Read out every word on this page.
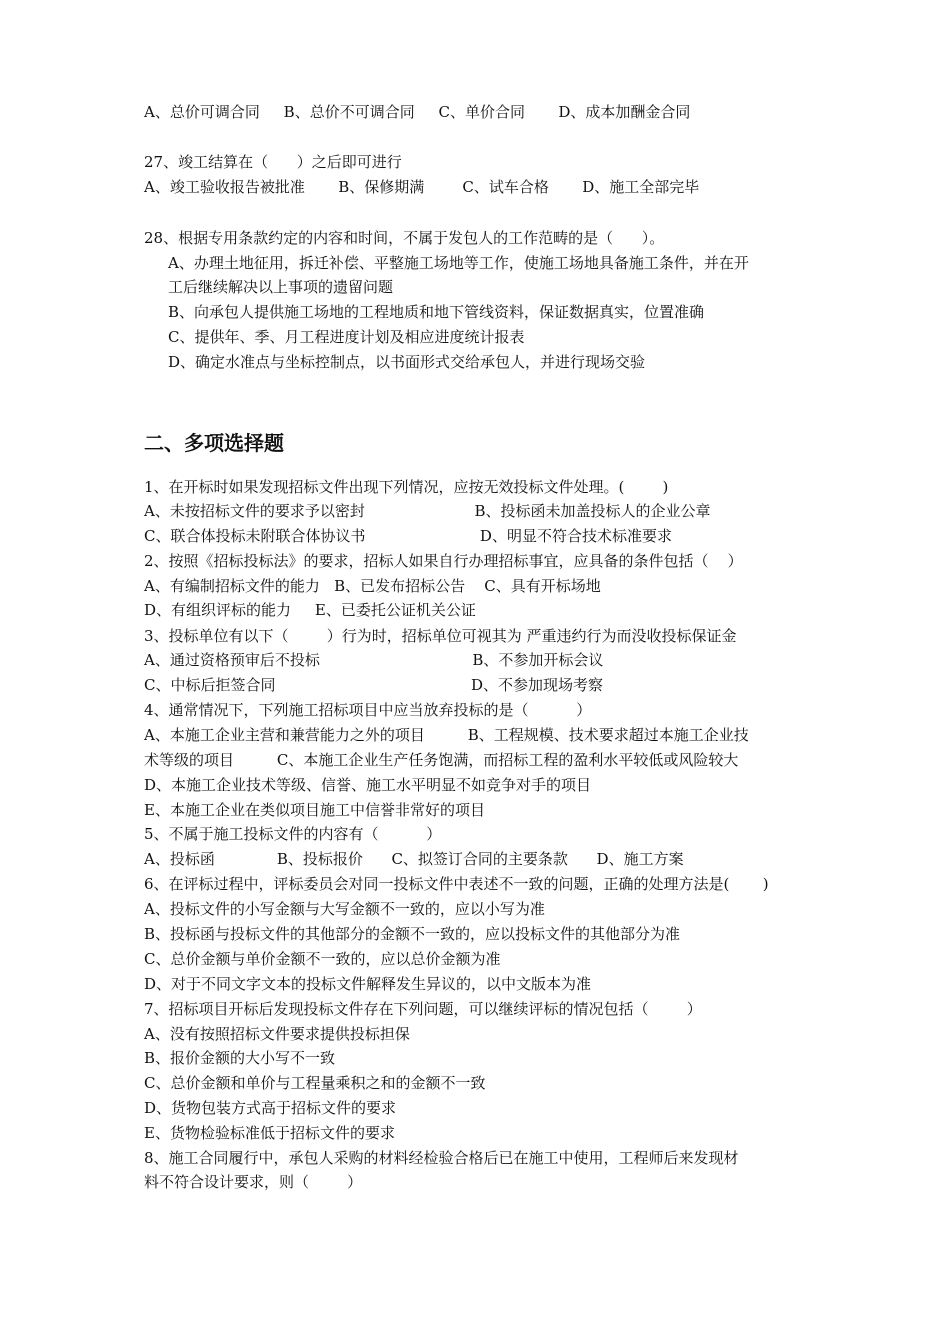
A、总价可调合同     B、总价不可调合同     C、单价合同       D、成本加酬金合同
27、竣工结算在（      ）之后即可进行
A、竣工验收报告被批准       B、保修期满        C、试车合格       D、施工全部完毕
28、根据专用条款约定的内容和时间，不属于发包人的工作范畴的是（      ）。
A、办理土地征用，拆迁补偿、平整施工场地等工作，使施工场地具备施工条件，并在开
工后继续解决以上事项的遗留问题
B、向承包人提供施工场地的工程地质和地下管线资料，保证数据真实，位置准确
C、提供年、季、月工程进度计划及相应进度统计报表
D、确定水准点与坐标控制点，以书面形式交给承包人，并进行现场交验
二、多项选择题
1、在开标时如果发现招标文件出现下列情况，应按无效投标文件处理。(        )
A、未按招标文件的要求予以密封                       B、投标函未加盖投标人的企业公章
C、联合体投标未附联合体协议书                        D、明显不符合技术标准要求
2、按照《招标投标法》的要求，招标人如果自行办理招标事宜，应具备的条件包括（    ）
A、有编制招标文件的能力   B、已发布招标公告    C、具有开标场地
D、有组织评标的能力     E、已委托公证机关公证
3、投标单位有以下（        ）行为时，招标单位可视其为 严重违约行为而没收投标保证金
A、通过资格预审后不投标                                B、不参加开标会议
C、中标后拒签合同                                         D、不参加现场考察
4、通常情况下，下列施工招标项目中应当放弃投标的是（          ）
A、本施工企业主营和兼营能力之外的项目         B、工程规模、技术要求超过本施工企业技
术等级的项目         C、本施工企业生产任务饱满，而招标工程的盈利水平较低或风险较大
D、本施工企业技术等级、信誉、施工水平明显不如竞争对手的项目
E、本施工企业在类似项目施工中信誉非常好的项目
5、不属于施工投标文件的内容有（          ）
A、投标函             B、投标报价      C、拟签订合同的主要条款      D、施工方案
6、在评标过程中，评标委员会对同一投标文件中表述不一致的问题，正确的处理方法是(       )
A、投标文件的小写金额与大写金额不一致的，应以小写为准
B、投标函与投标文件的其他部分的金额不一致的，应以投标文件的其他部分为准
C、总价金额与单价金额不一致的，应以总价金额为准
D、对于不同文字文本的投标文件解释发生异议的，以中文版本为准
7、招标项目开标后发现投标文件存在下列问题，可以继续评标的情况包括（        ）
A、没有按照招标文件要求提供投标担保
B、报价金额的大小写不一致
C、总价金额和单价与工程量乘积之和的金额不一致
D、货物包装方式高于招标文件的要求
E、货物检验标准低于招标文件的要求
8、施工合同履行中，承包人采购的材料经检验合格后已在施工中使用，工程师后来发现材
料不符合设计要求，则（        ）
